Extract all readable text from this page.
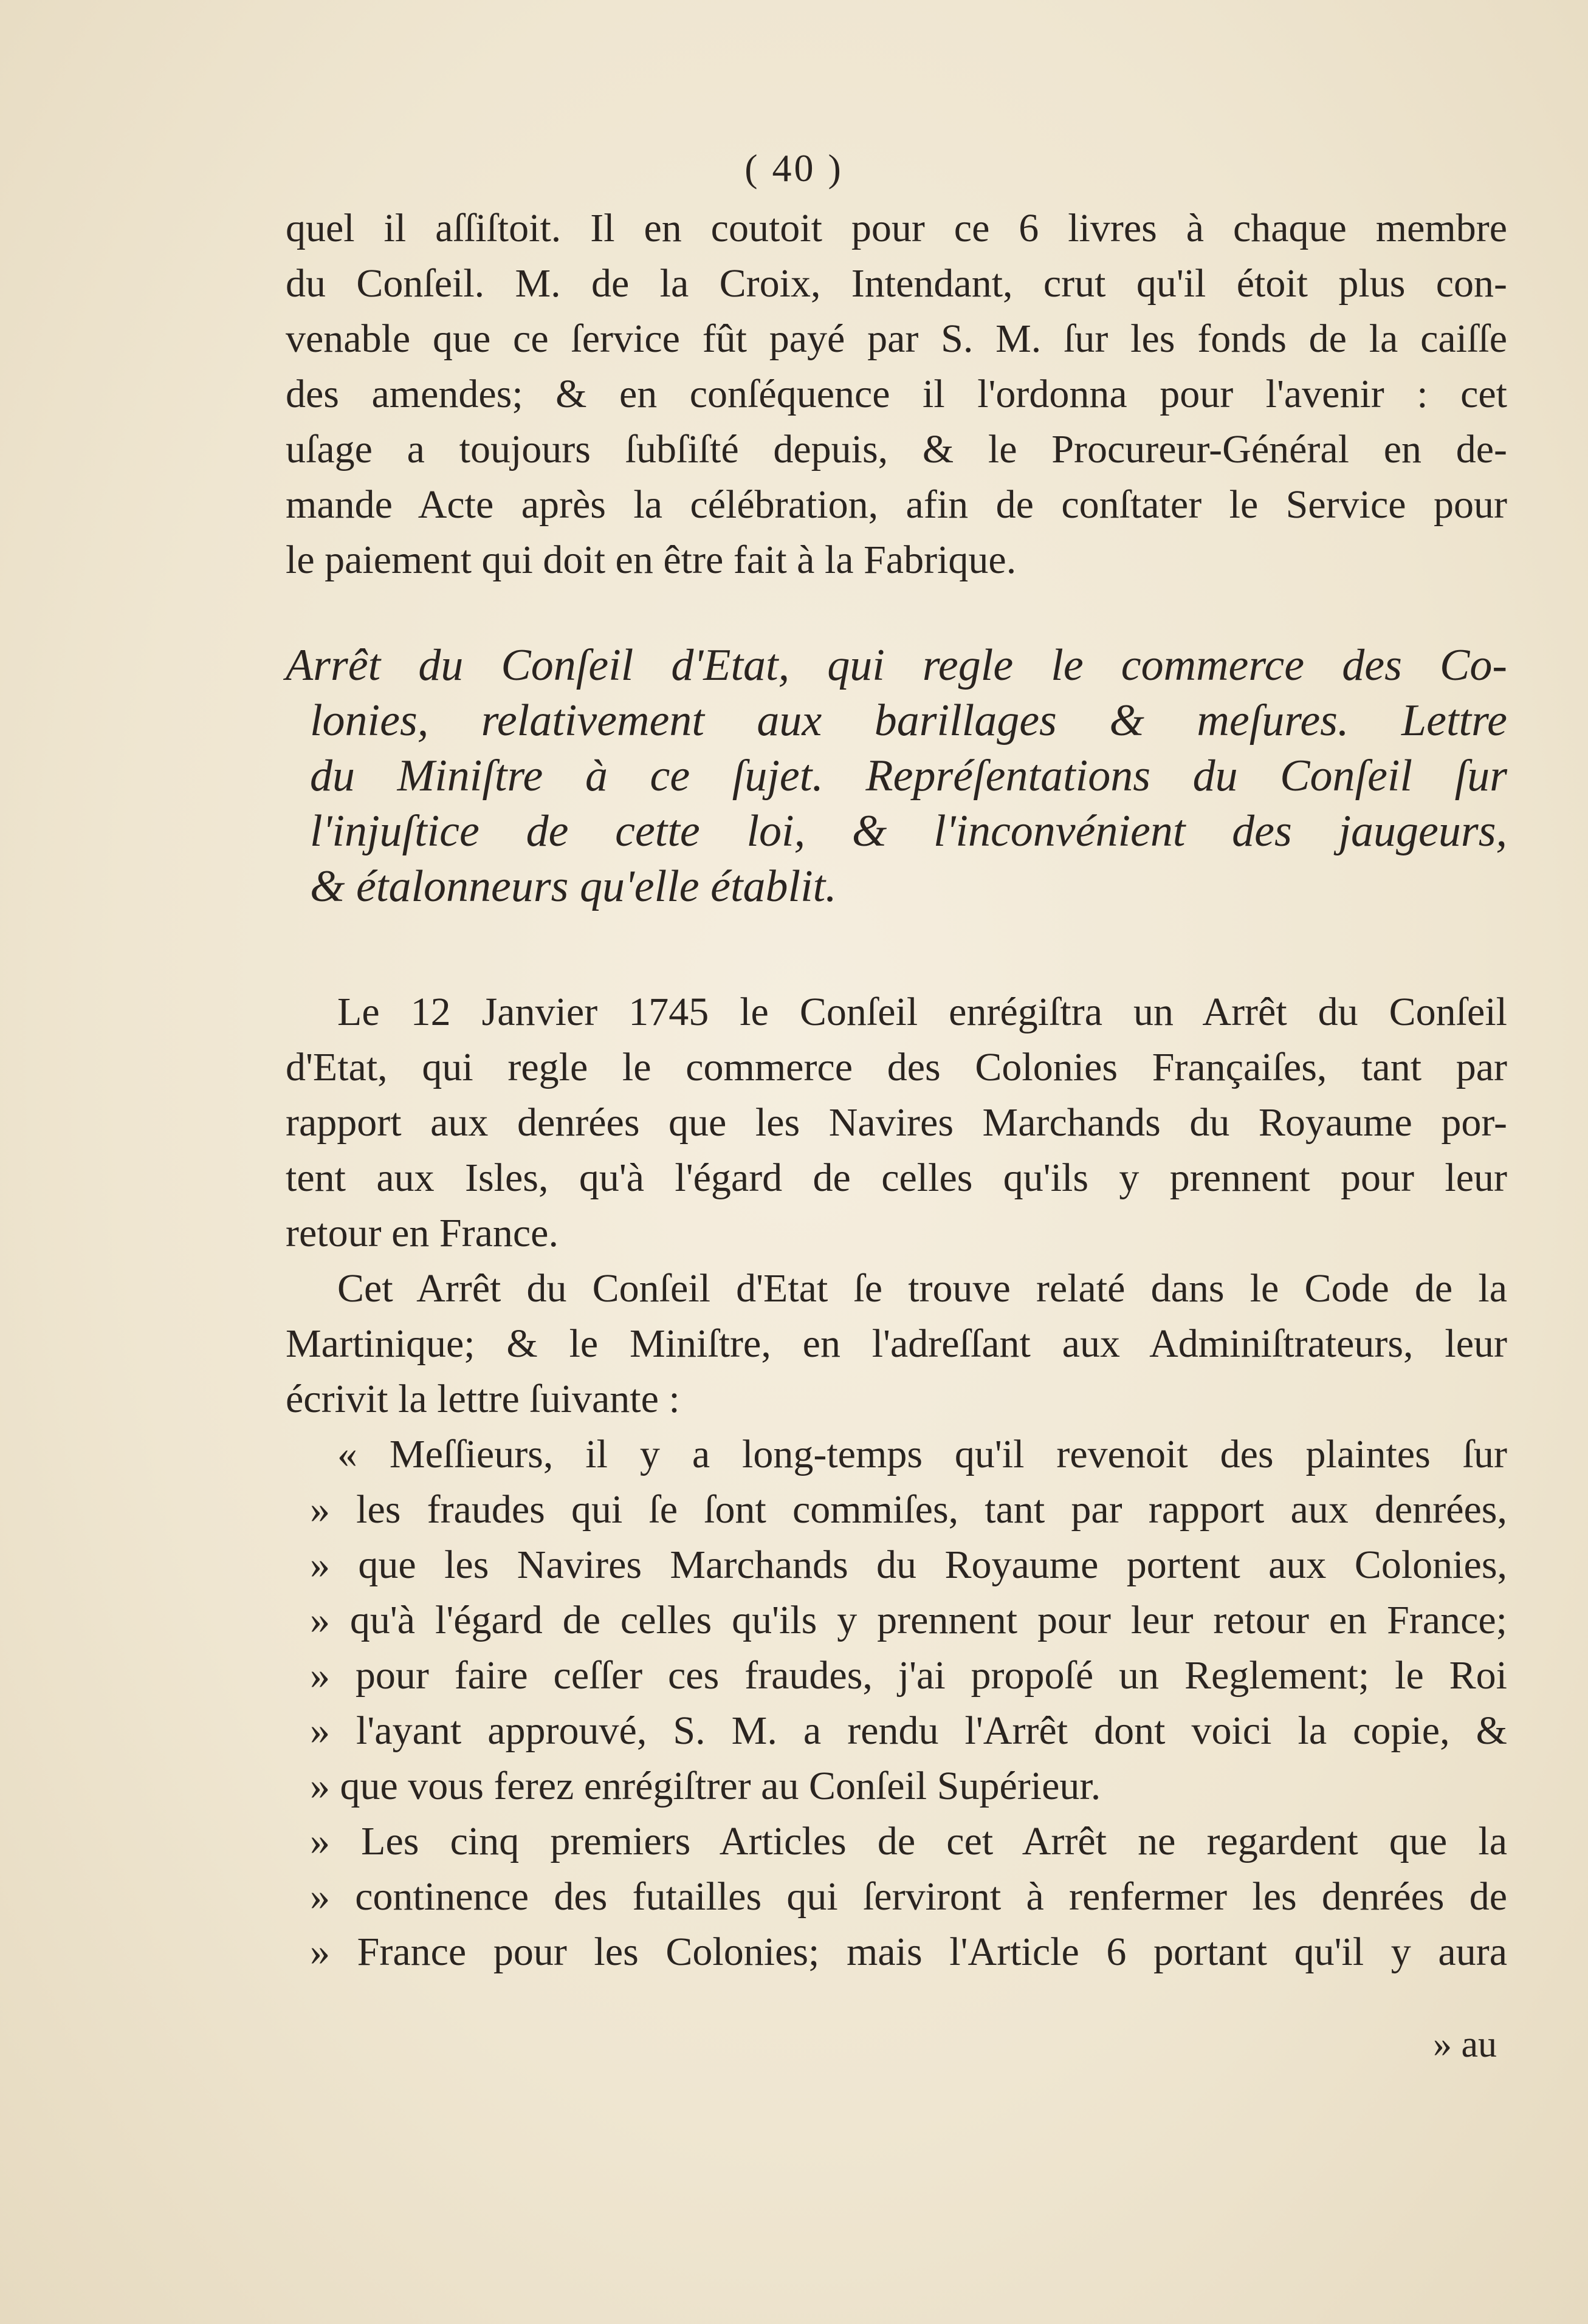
( 40 )
quel il aſſiſtoit. Il en coutoit pour ce 6 livres à chaque membre
du Conſeil. M. de la Croix, Intendant, crut qu'il étoit plus con-
venable que ce ſervice fût payé par S. M. ſur les fonds de la caiſſe
des amendes; & en conſéquence il l'ordonna pour l'avenir : cet
uſage a toujours ſubſiſté depuis, & le Procureur-Général en de-
mande Acte après la célébration, afin de conſtater le Service pour
le paiement qui doit en être fait à la Fabrique.
Arrêt du Conſeil d'Etat, qui regle le commerce des Co-
lonies, relativement aux barillages & meſures. Lettre
du Miniſtre à ce ſujet. Repréſentations du Conſeil ſur
l'injuſtice de cette loi, & l'inconvénient des jaugeurs,
& étalonneurs qu'elle établit.
Le 12 Janvier 1745 le Conſeil enrégiſtra un Arrêt du Conſeil
d'Etat, qui regle le commerce des Colonies Françaiſes, tant par
rapport aux denrées que les Navires Marchands du Royaume por-
tent aux Isles, qu'à l'égard de celles qu'ils y prennent pour leur
retour en France.
Cet Arrêt du Conſeil d'Etat ſe trouve relaté dans le Code de la
Martinique; & le Miniſtre, en l'adreſſant aux Adminiſtrateurs, leur
écrivit la lettre ſuivante :
« Meſſieurs, il y a long-temps qu'il revenoit des plaintes ſur
» les fraudes qui ſe ſont commiſes, tant par rapport aux denrées,
» que les Navires Marchands du Royaume portent aux Colonies,
» qu'à l'égard de celles qu'ils y prennent pour leur retour en France;
» pour faire ceſſer ces fraudes, j'ai propoſé un Reglement; le Roi
» l'ayant approuvé, S. M. a rendu l'Arrêt dont voici la copie, &
» que vous ferez enrégiſtrer au Conſeil Supérieur.
» Les cinq premiers Articles de cet Arrêt ne regardent que la
» continence des futailles qui ſerviront à renfermer les denrées de
» France pour les Colonies; mais l'Article 6 portant qu'il y aura
» au
